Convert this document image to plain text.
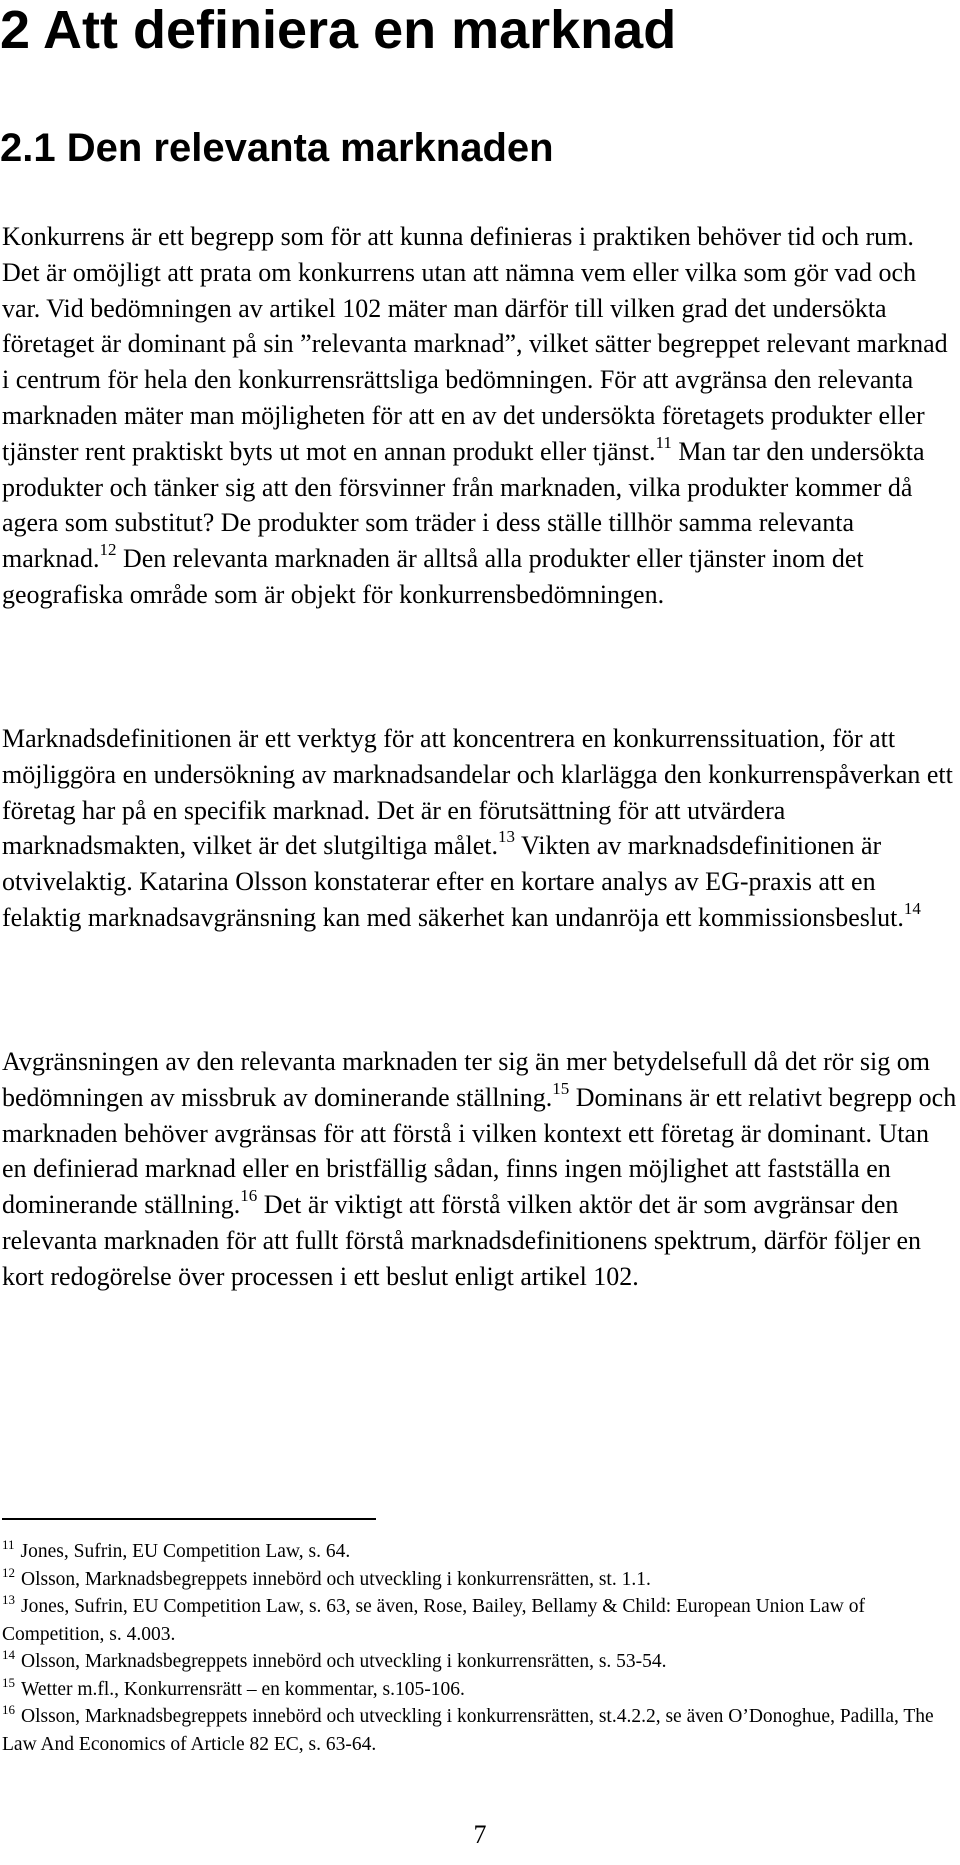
2 Att definiera en marknad
2.1 Den relevanta marknaden

Konkurrens är ett begrepp som för att kunna definieras i praktiken behöver tid och rum. Det är omöjligt att prata om konkurrens utan att nämna vem eller vilka som gör vad och var. Vid bedömningen av artikel 102 mäter man därför till vilken grad det undersökta företaget är dominant på sin ”relevanta marknad”, vilket sätter begreppet relevant marknad i centrum för hela den konkurrensrättsliga bedömningen. För att avgränsa den relevanta marknaden mäter man möjligheten för att en av det undersökta företagets produkter eller tjänster rent praktiskt byts ut mot en annan produkt eller tjänst.$^{11}$ Man tar den undersökta produkter och tänker sig att den försvinner från marknaden, vilka produkter kommer då agera som substitut? De produkter som träder i dess ställe tillhör samma relevanta marknad.$^{12}$ Den relevanta marknaden är alltså alla produkter eller tjänster inom det geografiska område som är objekt för konkurrensbedömningen.

Marknadsdefinitionen är ett verktyg för att koncentrera en konkurrenssituation, för att möjliggöra en undersökning av marknadsandelar och klarlägga den konkurrenspåverkan ett företag har på en specifik marknad. Det är en förutsättning för att utvärdera marknadsmakten, vilket är det slutgiltiga målet.$^{13}$ Vikten av marknadsdefinitionen är otvivelaktig. Katarina Olsson konstaterar efter en kortare analys av EG-praxis att en felaktig marknadsavgränsning kan med säkerhet kan undanröja ett kommissionsbeslut.$^{14}$

Avgränsningen av den relevanta marknaden ter sig än mer betydelsefull då det rör sig om bedömningen av missbruk av dominerande ställning.$^{15}$ Dominans är ett relativt begrepp och marknaden behöver avgränsas för att förstå i vilken kontext ett företag är dominant. Utan en definierad marknad eller en bristfällig sådan, finns ingen möjlighet att fastställa en dominerande ställning.$^{16}$ Det är viktigt att förstå vilken aktör det är som avgränsar den relevanta marknaden för att fullt förstå marknadsdefinitionens spektrum, därför följer en kort redogörelse över processen i ett beslut enligt artikel 102.

$^{11}$ Jones, Sufrin, EU Competition Law, s. 64.
$^{12}$ Olsson, Marknadsbegreppets innebörd och utveckling i konkurrensrätten, st. 1.1.
$^{13}$ Jones, Sufrin, EU Competition Law, s. 63, se även, Rose, Bailey, Bellamy & Child: European Union Law of Competition, s. 4.003.
$^{14}$ Olsson, Marknadsbegreppets innebörd och utveckling i konkurrensrätten, s. 53-54.
$^{15}$ Wetter m.fl., Konkurrensrätt – en kommentar, s.105-106.
$^{16}$ Olsson, Marknadsbegreppets innebörd och utveckling i konkurrensrätten, st.4.2.2, se även O’Donoghue, Padilla, The Law And Economics of Article 82 EC, s. 63-64.
7
